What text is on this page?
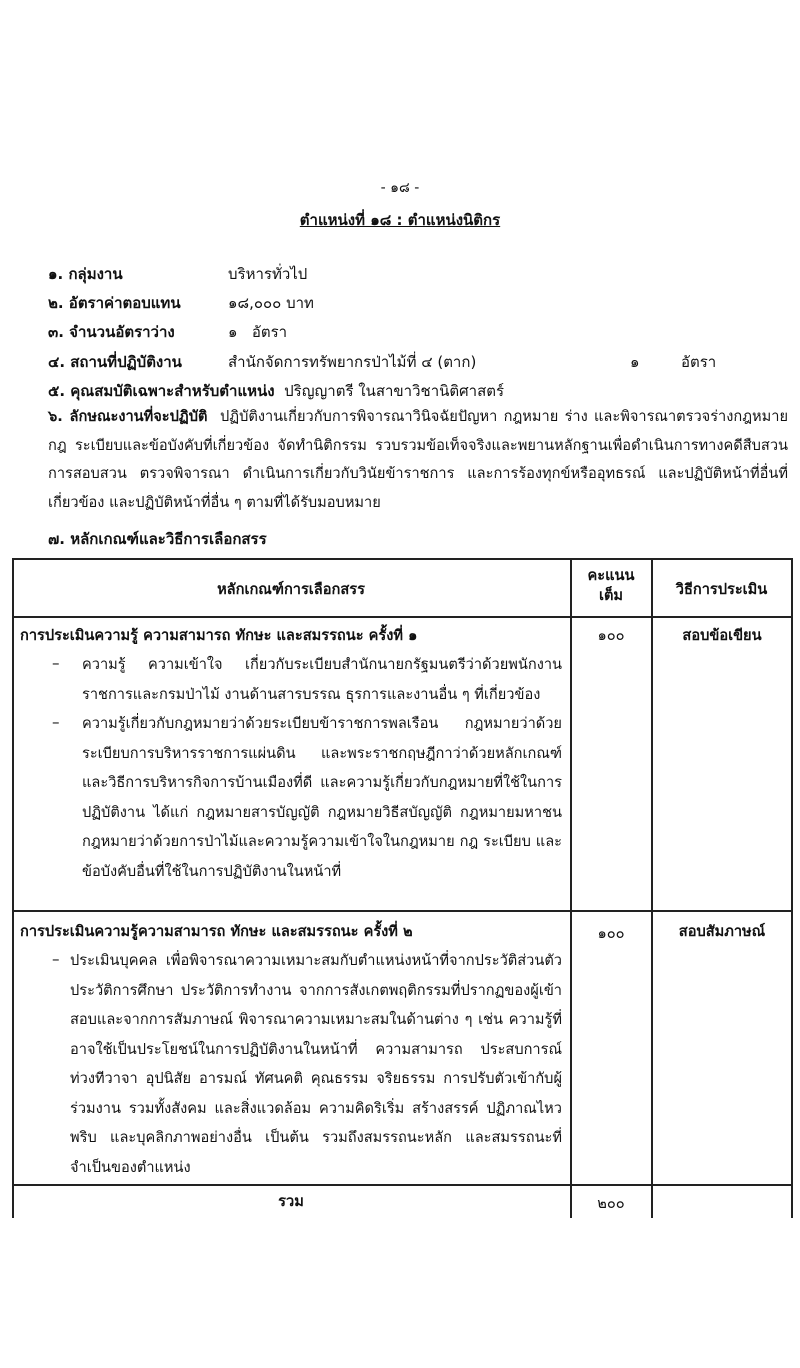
- ๑๘ -
ตำแหน่งที่ ๑๘ : ตำแหน่งนิติกร
๑. กลุ่มงาน	บริหารทั่วไป
๒. อัตราค่าตอบแทน	๑๘,๐๐๐ บาท
๓. จำนวนอัตราว่าง	๑   อัตรา
๔. สถานที่ปฏิบัติงาน	สำนักจัดการทรัพยากรป่าไม้ที่ ๔ (ตาก)	๑	อัตรา
๕. คุณสมบัติเฉพาะสำหรับตำแหน่ง ปริญญาตรี ในสาขาวิชานิติศาสตร์
๖. ลักษณะงานที่จะปฏิบัติ ปฏิบัติงานเกี่ยวกับการพิจารณาวินิจฉัยปัญหา กฎหมาย ร่าง และพิจารณาตรวจร่างกฎหมาย กฎ ระเบียบและข้อบังคับที่เกี่ยวข้อง จัดทำนิติกรรม รวบรวมข้อเท็จจริงและพยานหลักฐานเพื่อดำเนินการทางคดีสืบสวน การสอบสวน ตรวจพิจารณา ดำเนินการเกี่ยวกับวินัยข้าราชการ และการร้องทุกข์หรืออุทธรณ์ และปฏิบัติหน้าที่อื่นที่เกี่ยวข้อง และปฏิบัติหน้าที่อื่น ๆ ตามที่ได้รับมอบหมาย
๗. หลักเกณฑ์และวิธีการเลือกสรร
หลักเกณฑ์การเลือกสรร
คะแนนเต็ม	วิธีการประเมิน
การประเมินความรู้ ความสามารถ ทักษะ และสมรรถนะ ครั้งที่ ๑	๑๐๐	สอบข้อเขียน
– ความรู้ ความเข้าใจ เกี่ยวกับระเบียบสำนักนายกรัฐมนตรีว่าด้วยพนักงานราชการและกรมป่าไม้ งานด้านสารบรรณ ธุรการและงานอื่น ๆ ที่เกี่ยวข้อง
– ความรู้เกี่ยวกับกฎหมายว่าด้วยระเบียบข้าราชการพลเรือน กฎหมายว่าด้วยระเบียบการบริหารราชการแผ่นดิน และพระราชกฤษฎีกาว่าด้วยหลักเกณฑ์และวิธีการบริหารกิจการบ้านเมืองที่ดี และความรู้เกี่ยวกับกฎหมายที่ใช้ในการปฏิบัติงาน ได้แก่ กฎหมายสารบัญญัติ กฎหมายวิธีสบัญญัติ กฎหมายมหาชน กฎหมายว่าด้วยการป่าไม้และความรู้ความเข้าใจในกฎหมาย กฎ ระเบียบ และข้อบังคับอื่นที่ใช้ในการปฏิบัติงานในหน้าที่
การประเมินความรู้ความสามารถ ทักษะ และสมรรถนะ ครั้งที่ ๒	๑๐๐	สอบสัมภาษณ์
– ประเมินบุคคล เพื่อพิจารณาความเหมาะสมกับตำแหน่งหน้าที่จากประวัติส่วนตัวประวัติการศึกษา ประวัติการทำงาน จากการสังเกตพฤติกรรมที่ปรากฏของผู้เข้าสอบและจากการสัมภาษณ์ พิจารณาความเหมาะสมในด้านต่าง ๆ เช่น ความรู้ที่อาจใช้เป็นประโยชน์ในการปฏิบัติงานในหน้าที่ ความสามารถ ประสบการณ์ ท่วงทีวาจา อุปนิสัย อารมณ์ ทัศนคติ คุณธรรม จริยธรรม การปรับตัวเข้ากับผู้ร่วมงาน รวมทั้งสังคม และสิ่งแวดล้อม ความคิดริเริ่ม สร้างสรรค์ ปฏิภาณไหวพริบ และบุคลิกภาพอย่างอื่น เป็นต้น รวมถึงสมรรถนะหลัก และสมรรถนะที่จำเป็นของตำแหน่ง
รวม	๒๐๐
